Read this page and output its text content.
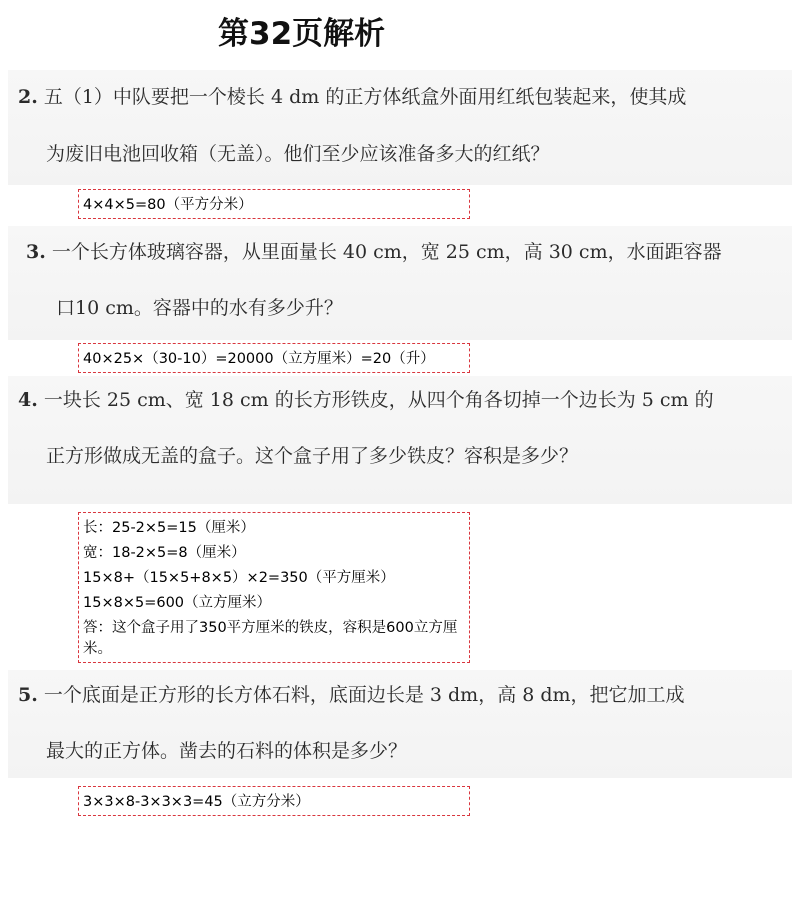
第32页解析
2. 五（1）中队要把一个棱长 4 dm 的正方体纸盒外面用红纸包装起来，使其成
为废旧电池回收箱（无盖）。他们至少应该准备多大的红纸？
4×4×5=80（平方分米）
3. 一个长方体玻璃容器，从里面量长 40 cm，宽 25 cm，高 30 cm，水面距容器
口10 cm。容器中的水有多少升？
40×25×（30-10）=20000（立方厘米）=20（升）
4. 一块长 25 cm、宽 18 cm 的长方形铁皮，从四个角各切掉一个边长为 5 cm 的
正方形做成无盖的盒子。这个盒子用了多少铁皮？容积是多少？
长：25-2×5=15（厘米）
宽：18-2×5=8（厘米）
15×8+（15×5+8×5）×2=350（平方厘米）
15×8×5=600（立方厘米）
答：这个盒子用了350平方厘米的铁皮，容积是600立方厘米。
5. 一个底面是正方形的长方体石料，底面边长是 3 dm，高 8 dm，把它加工成
最大的正方体。凿去的石料的体积是多少？
3×3×8-3×3×3=45（立方分米）
